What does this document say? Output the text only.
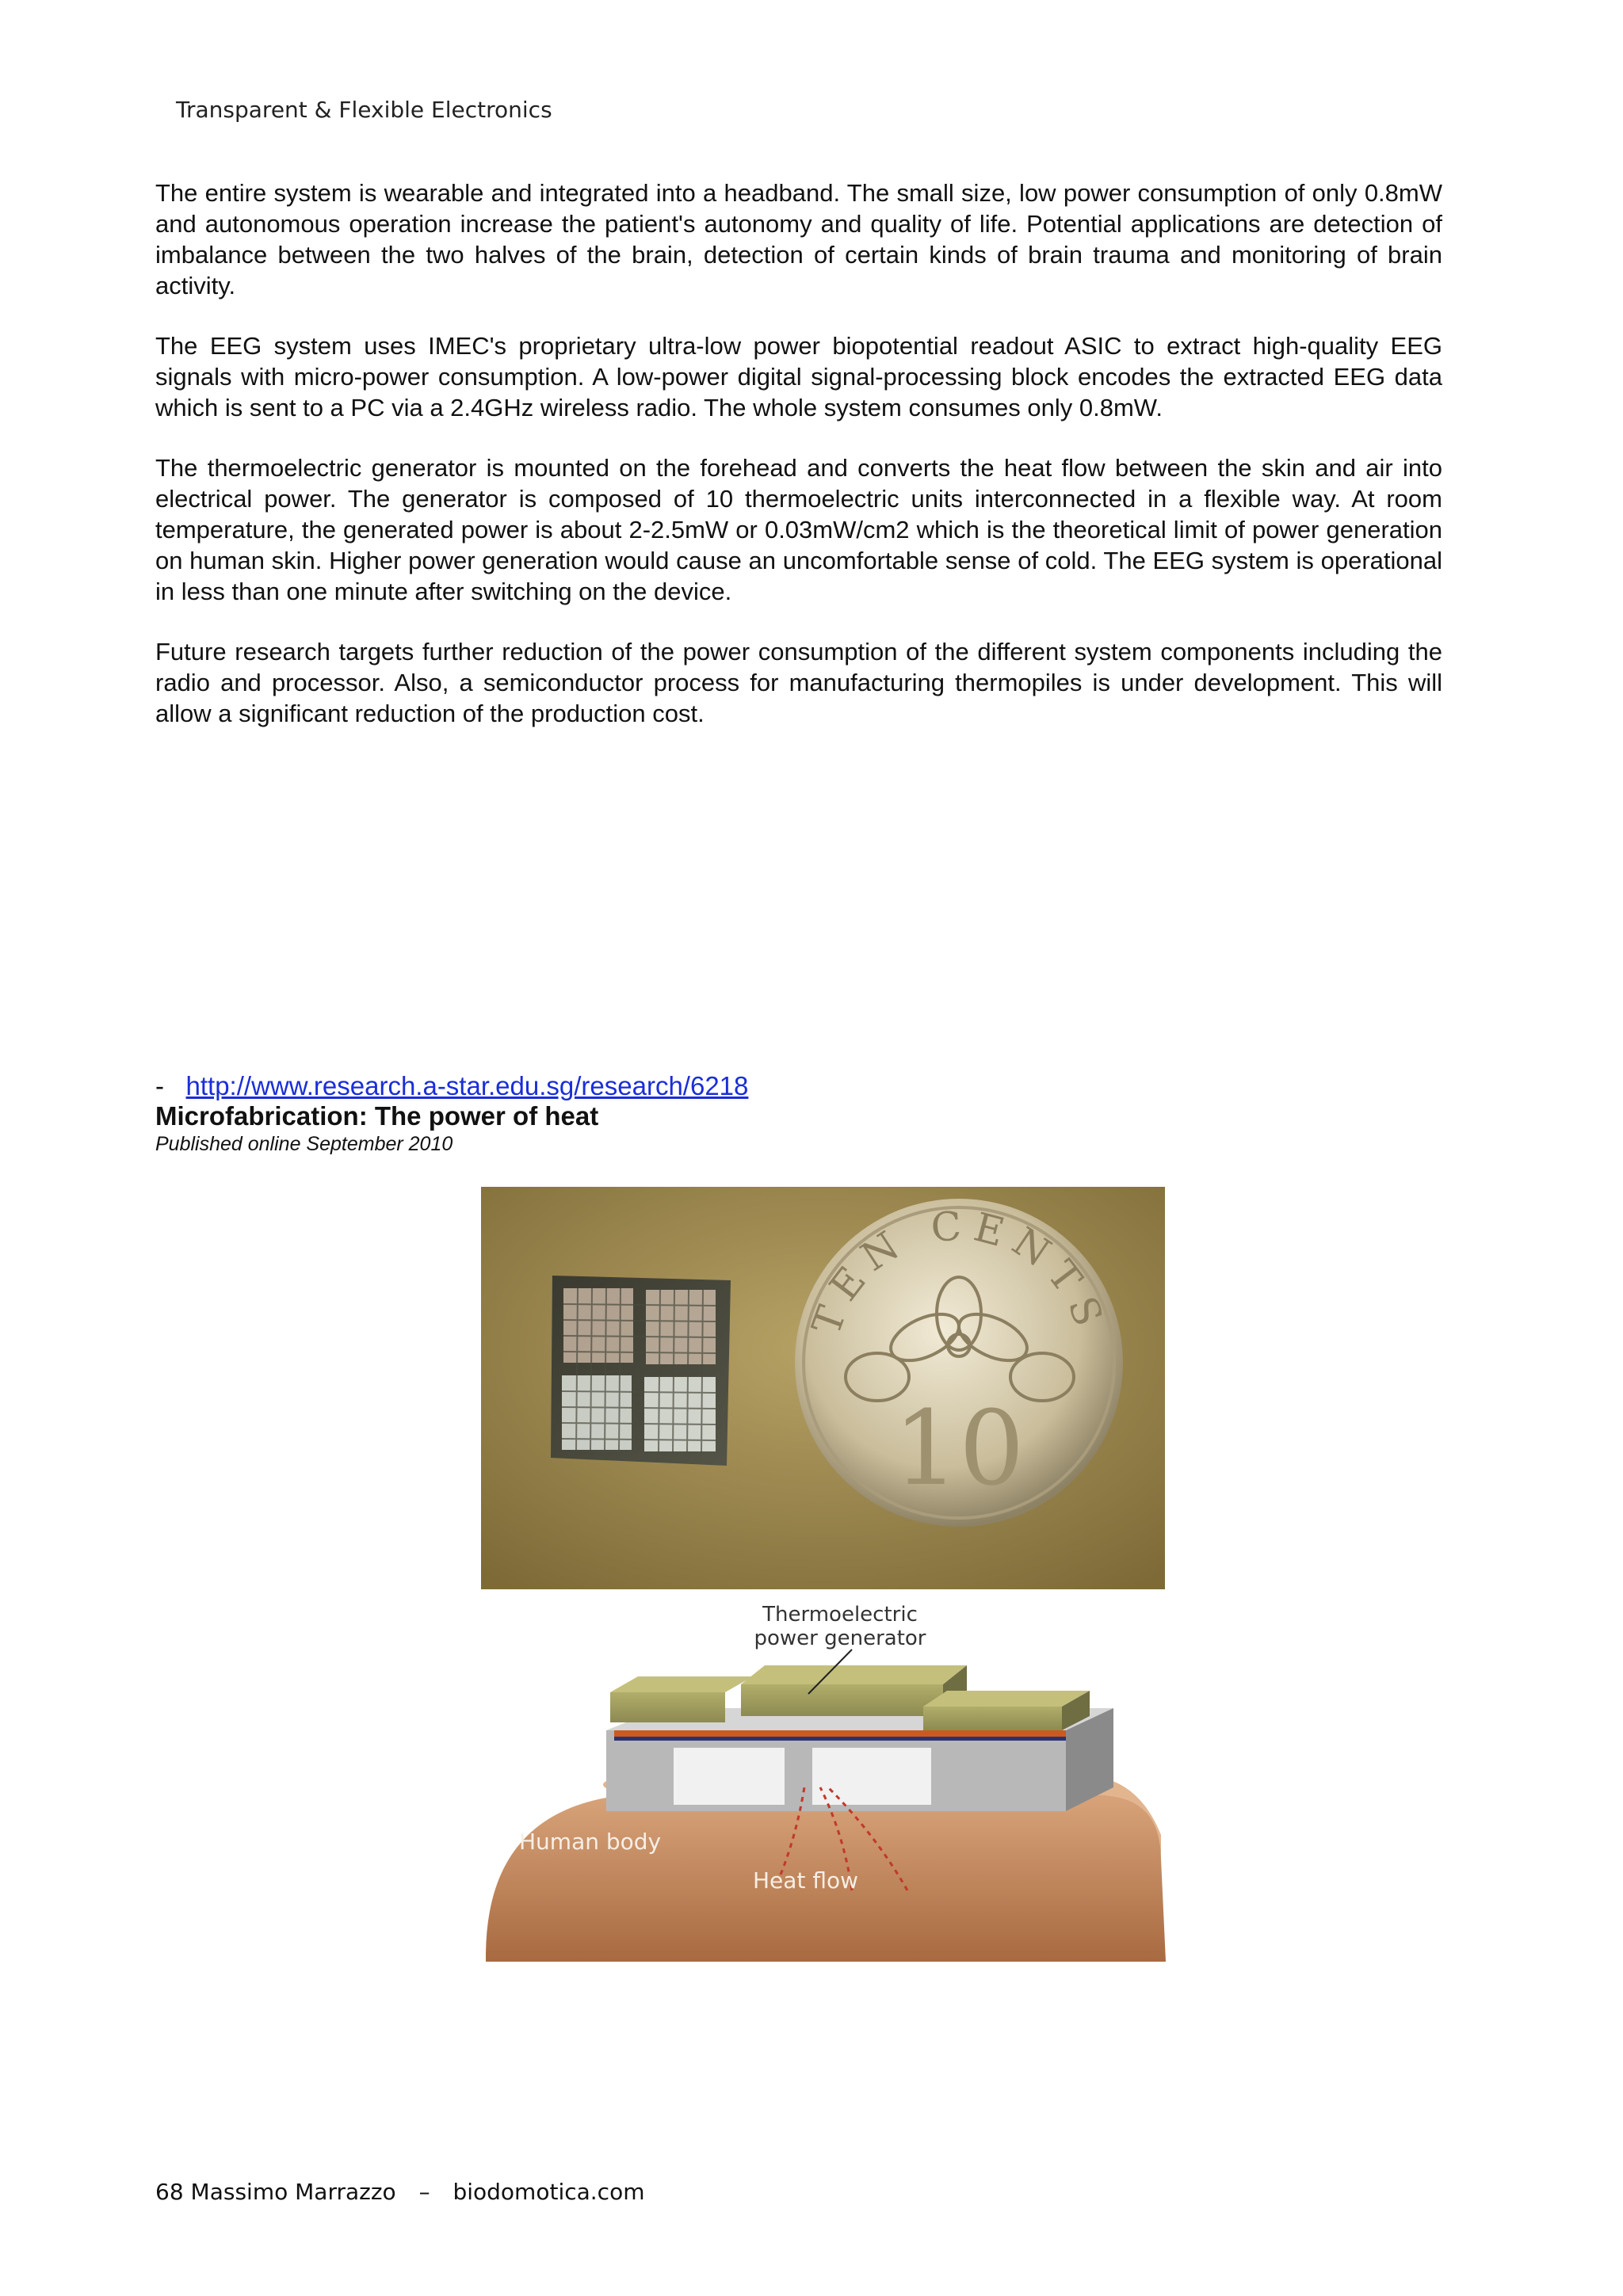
Transparent & Flexible Electronics

The entire system is wearable and integrated into a headband. The small size, low power consumption of only 0.8mW and autonomous operation increase the patient's autonomy and quality of life. Potential applications are detection of imbalance between the two halves of the brain, detection of certain kinds of brain trauma and monitoring of brain activity.

The EEG system uses IMEC's proprietary ultra-low power biopotential readout ASIC to extract high-quality EEG signals with micro-power consumption. A low-power digital signal-processing block encodes the extracted EEG data which is sent to a PC via a 2.4GHz wireless radio. The whole system consumes only 0.8mW.

The thermoelectric generator is mounted on the forehead and converts the heat flow between the skin and air into electrical power. The generator is composed of 10 thermoelectric units interconnected in a flexible way. At room temperature, the generated power is about 2-2.5mW or 0.03mW/cm2 which is the theoretical limit of power generation on human skin. Higher power generation would cause an uncomfortable sense of cold. The EEG system is operational in less than one minute after switching on the device.

Future research targets further reduction of the power consumption of the different system components including the radio and processor. Also, a semiconductor process for manufacturing thermopiles is under development. This will allow a significant reduction of the production cost.

- http://www.research.a-star.edu.sg/research/6218
Microfabrication: The power of heat
Published online September 2010
TEN CENTS
10
Thermoelectric
power generator
Human body
Heat flow
68 Massimo Marrazzo – biodomotica.com
